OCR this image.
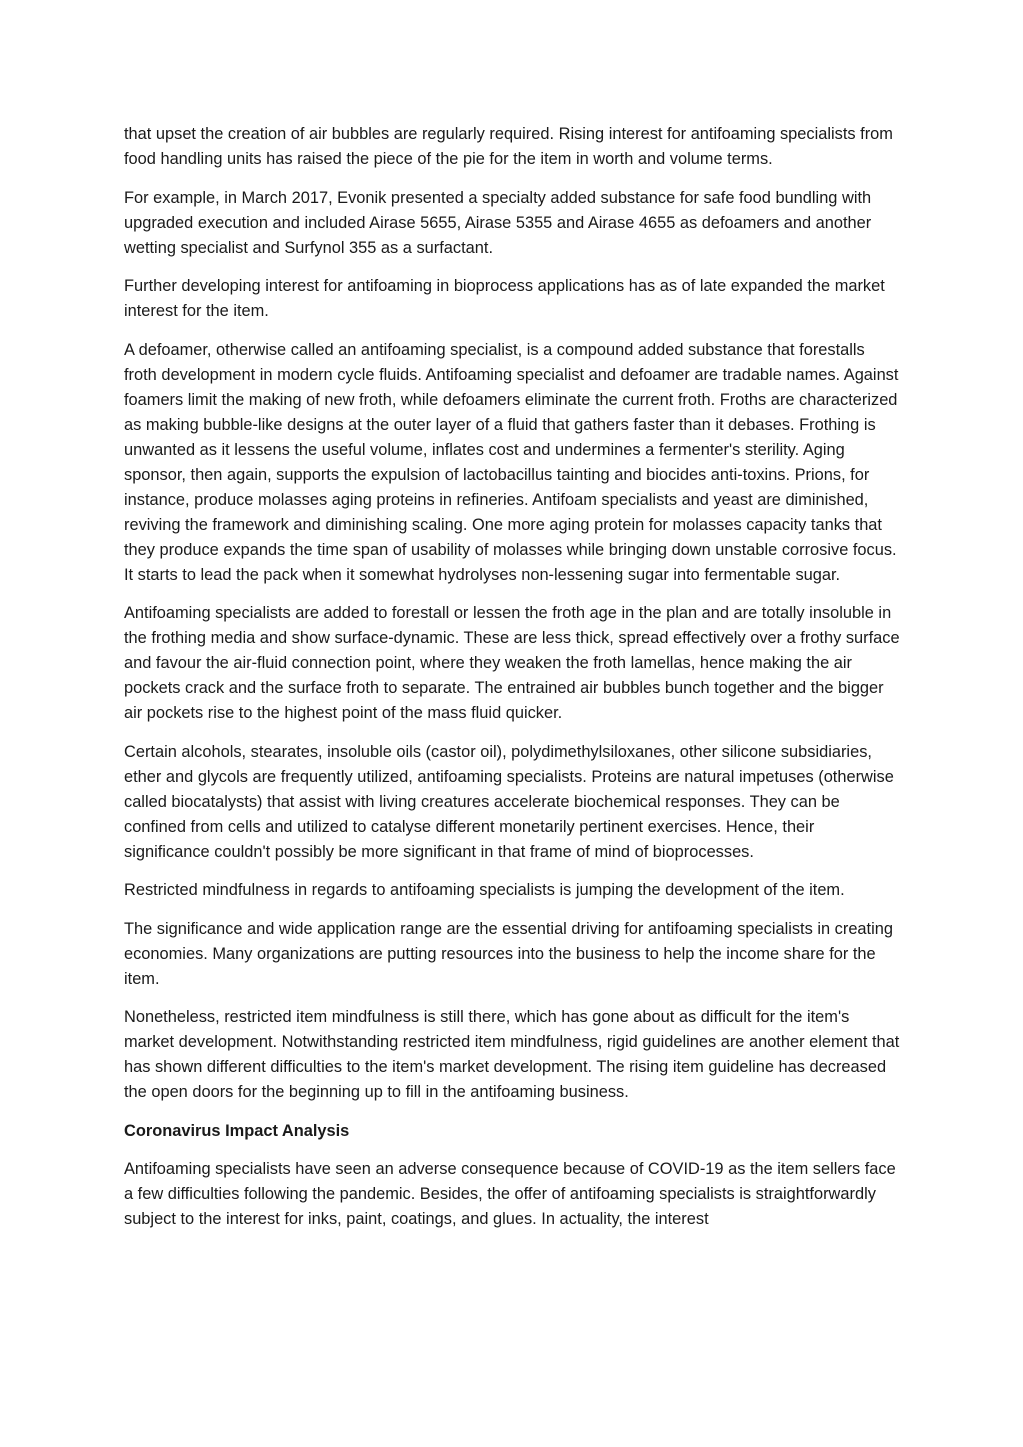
that upset the creation of air bubbles are regularly required. Rising interest for antifoaming specialists from food handling units has raised the piece of the pie for the item in worth and volume terms.

For example, in March 2017, Evonik presented a specialty added substance for safe food bundling with upgraded execution and included Airase 5655, Airase 5355 and Airase 4655 as defoamers and another wetting specialist and Surfynol 355 as a surfactant.

Further developing interest for antifoaming in bioprocess applications has as of late expanded the market interest for the item.

A defoamer, otherwise called an antifoaming specialist, is a compound added substance that forestalls froth development in modern cycle fluids. Antifoaming specialist and defoamer are tradable names. Against foamers limit the making of new froth, while defoamers eliminate the current froth. Froths are characterized as making bubble-like designs at the outer layer of a fluid that gathers faster than it debases. Frothing is unwanted as it lessens the useful volume, inflates cost and undermines a fermenter's sterility. Aging sponsor, then again, supports the expulsion of lactobacillus tainting and biocides anti-toxins. Prions, for instance, produce molasses aging proteins in refineries. Antifoam specialists and yeast are diminished, reviving the framework and diminishing scaling. One more aging protein for molasses capacity tanks that they produce expands the time span of usability of molasses while bringing down unstable corrosive focus. It starts to lead the pack when it somewhat hydrolyses non-lessening sugar into fermentable sugar.

Antifoaming specialists are added to forestall or lessen the froth age in the plan and are totally insoluble in the frothing media and show surface-dynamic. These are less thick, spread effectively over a frothy surface and favour the air-fluid connection point, where they weaken the froth lamellas, hence making the air pockets crack and the surface froth to separate. The entrained air bubbles bunch together and the bigger air pockets rise to the highest point of the mass fluid quicker.

Certain alcohols, stearates, insoluble oils (castor oil), polydimethylsiloxanes, other silicone subsidiaries, ether and glycols are frequently utilized, antifoaming specialists. Proteins are natural impetuses (otherwise called biocatalysts) that assist with living creatures accelerate biochemical responses. They can be confined from cells and utilized to catalyse different monetarily pertinent exercises. Hence, their significance couldn't possibly be more significant in that frame of mind of bioprocesses.

Restricted mindfulness in regards to antifoaming specialists is jumping the development of the item.

The significance and wide application range are the essential driving for antifoaming specialists in creating economies. Many organizations are putting resources into the business to help the income share for the item.

Nonetheless, restricted item mindfulness is still there, which has gone about as difficult for the item's market development. Notwithstanding restricted item mindfulness, rigid guidelines are another element that has shown different difficulties to the item's market development. The rising item guideline has decreased the open doors for the beginning up to fill in the antifoaming business.

Coronavirus Impact Analysis

Antifoaming specialists have seen an adverse consequence because of COVID-19 as the item sellers face a few difficulties following the pandemic. Besides, the offer of antifoaming specialists is straightforwardly subject to the interest for inks, paint, coatings, and glues. In actuality, the interest
